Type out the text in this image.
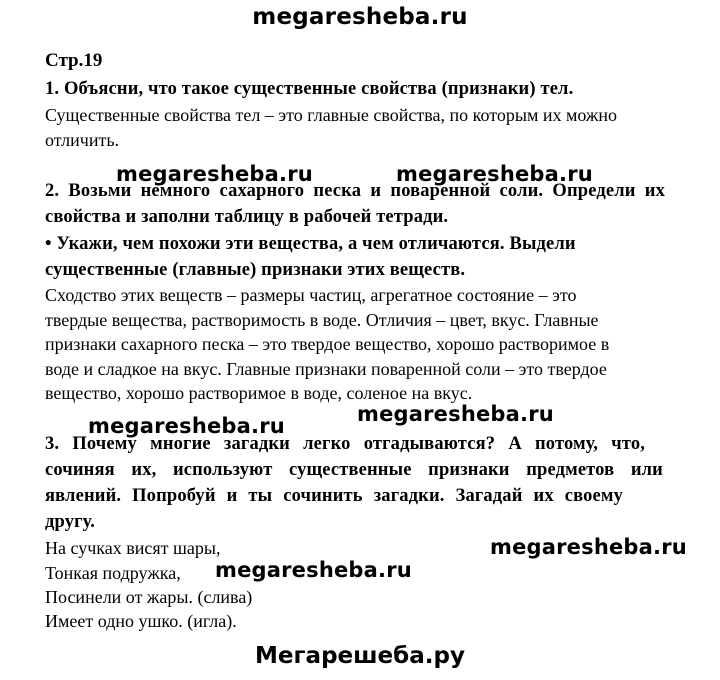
megaresheba.ru
Стр.19
1. Объясни, что такое существенные свойства (признаки) тел.
Существенные свойства тел – это главные свойства, по которым их можно
отличить.
megaresheba.ru	megaresheba.ru
2. Возьми немного сахарного песка и поваренной соли. Определи их
свойства и заполни таблицу в рабочей тетради.
• Укажи, чем похожи эти вещества, а чем отличаются. Выдели
существенные (главные) признаки этих веществ.
Сходство этих веществ – размеры частиц, агрегатное состояние – это
твердые вещества, растворимость в воде. Отличия – цвет, вкус. Главные
признаки сахарного песка – это твердое вещество, хорошо растворимое в
воде и сладкое на вкус. Главные признаки поваренной соли – это твердое
вещество, хорошо растворимое в воде, соленое на вкус.
megaresheba.ru	megaresheba.ru
3. Почему многие загадки легко отгадываются? А потому, что,
сочиняя их, используют существенные признаки предметов или
явлений. Попробуй и ты сочинить загадки. Загадай их своему
другу.
На сучках висят шары,
Тонкая подружка,
Посинели от жары. (слива)
Имеет одно ушко. (игла).
megaresheba.ru
megaresheba.ru
Мегарешеба.ру
